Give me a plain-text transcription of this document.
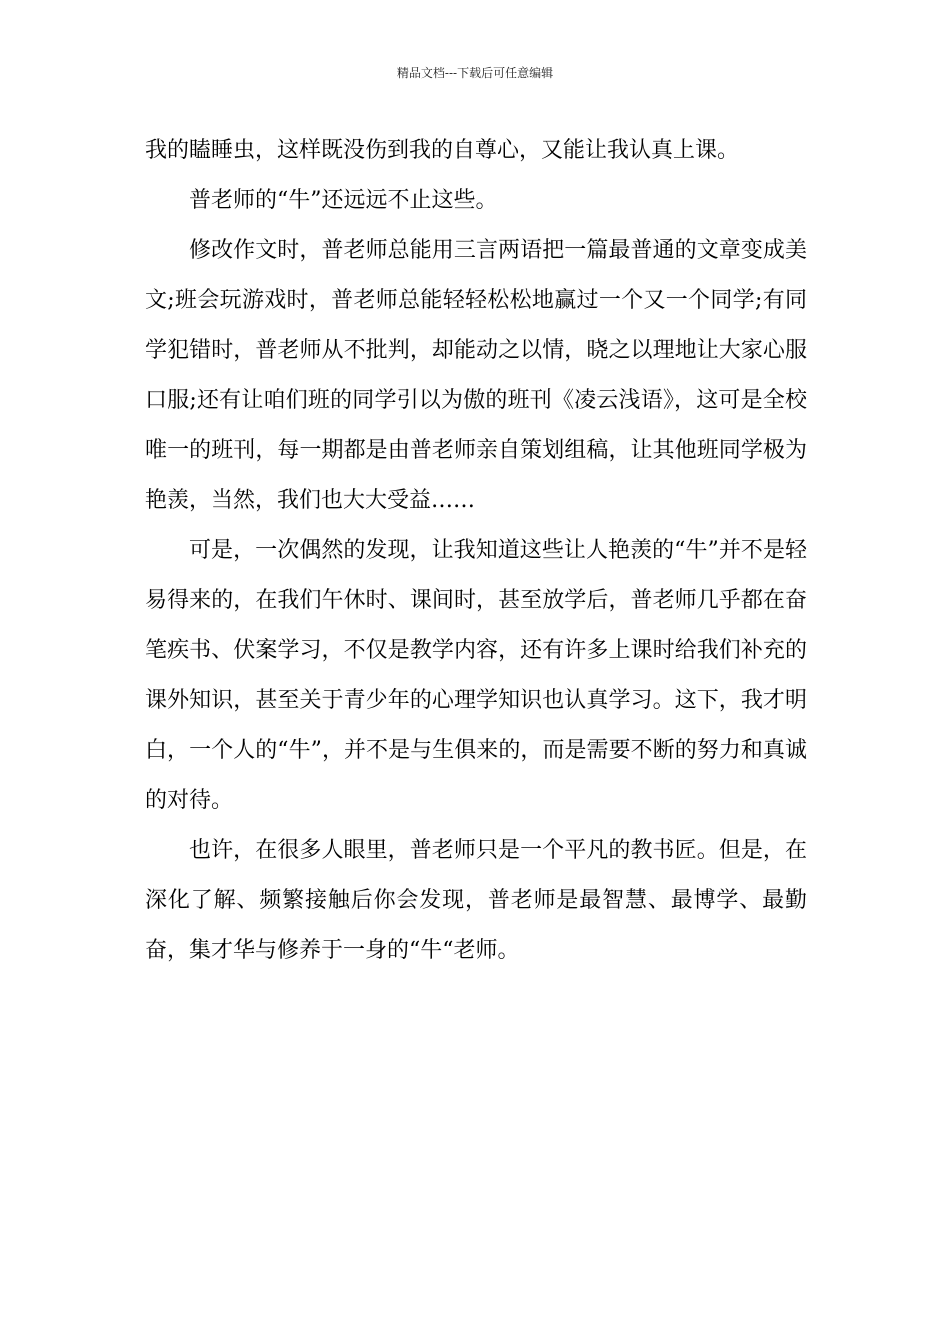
精品文档---下载后可任意编辑

我的瞌睡虫，这样既没伤到我的自尊心，又能让我认真上课。

普老师的“牛”还远远不止这些。

修改作文时，普老师总能用三言两语把一篇最普通的文章变成美文;班会玩游戏时，普老师总能轻轻松松地赢过一个又一个同学;有同学犯错时，普老师从不批判，却能动之以情，晓之以理地让大家心服口服;还有让咱们班的同学引以为傲的班刊《凌云浅语》，这可是全校唯一的班刊，每一期都是由普老师亲自策划组稿，让其他班同学极为艳羡，当然，我们也大大受益……

可是，一次偶然的发现，让我知道这些让人艳羡的“牛”并不是轻易得来的，在我们午休时、课间时，甚至放学后，普老师几乎都在奋笔疾书、伏案学习，不仅是教学内容，还有许多上课时给我们补充的课外知识，甚至关于青少年的心理学知识也认真学习。这下，我才明白，一个人的“牛”，并不是与生俱来的，而是需要不断的努力和真诚的对待。

也许，在很多人眼里，普老师只是一个平凡的教书匠。但是，在深化了解、频繁接触后你会发现，普老师是最智慧、最博学、最勤奋，集才华与修养于一身的“牛“老师。
